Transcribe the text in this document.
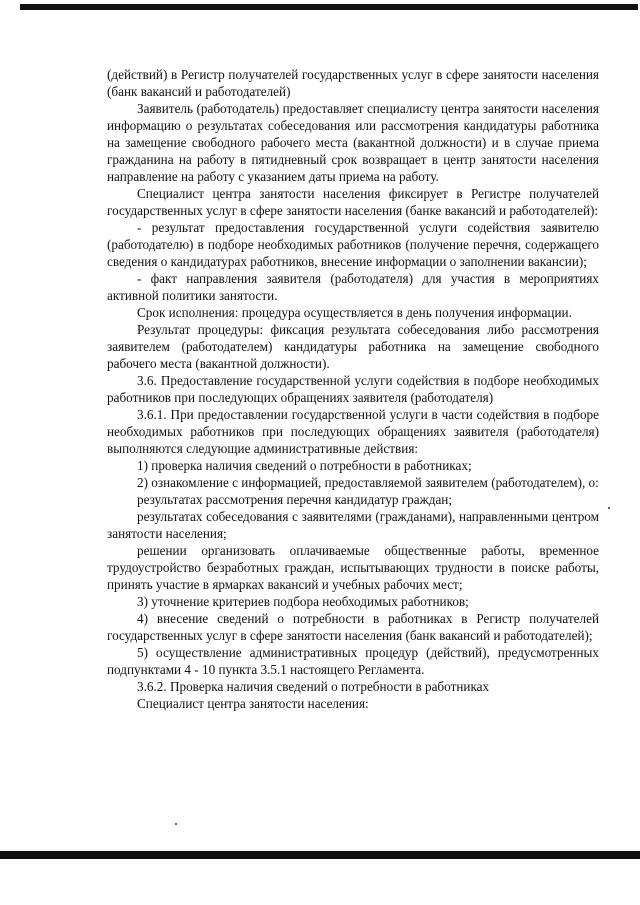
(действий) в Регистр получателей государственных услуг в сфере занятости населения (банк вакансий и работодателей)

Заявитель (работодатель) предоставляет специалисту центра занятости населения информацию о результатах собеседования или рассмотрения кандидатуры работника на замещение свободного рабочего места (вакантной должности) и в случае приема гражданина на работу в пятидневный срок возвращает в центр занятости населения направление на работу с указанием даты приема на работу.

Специалист центра занятости населения фиксирует в Регистре получателей государственных услуг в сфере занятости населения (банке вакансий и работодателей):

- результат предоставления государственной услуги содействия заявителю (работодателю) в подборе необходимых работников (получение перечня, содержащего сведения о кандидатурах работников, внесение информации о заполнении вакансии);

- факт направления заявителя (работодателя) для участия в мероприятиях активной политики занятости.

Срок исполнения: процедура осуществляется в день получения информации.

Результат процедуры: фиксация результата собеседования либо рассмотрения заявителем (работодателем) кандидатуры работника на замещение свободного рабочего места (вакантной должности).

3.6. Предоставление государственной услуги содействия в подборе необходимых работников при последующих обращениях заявителя (работодателя)

3.6.1. При предоставлении государственной услуги в части содействия в подборе необходимых работников при последующих обращениях заявителя (работодателя) выполняются следующие административные действия:

1) проверка наличия сведений о потребности в работниках;

2) ознакомление с информацией, предоставляемой заявителем (работодателем), о:

результатах рассмотрения перечня кандидатур граждан;

результатах собеседования с заявителями (гражданами), направленными центром занятости населения;

решении организовать оплачиваемые общественные работы, временное трудоустройство безработных граждан, испытывающих трудности в поиске работы, принять участие в ярмарках вакансий и учебных рабочих мест;

3) уточнение критериев подбора необходимых работников;

4) внесение сведений о потребности в работниках в Регистр получателей государственных услуг в сфере занятости населения (банк вакансий и работодателей);

5) осуществление административных процедур (действий), предусмотренных подпунктами 4 - 10 пункта 3.5.1 настоящего Регламента.

3.6.2. Проверка наличия сведений о потребности в работниках

Специалист центра занятости населения:
